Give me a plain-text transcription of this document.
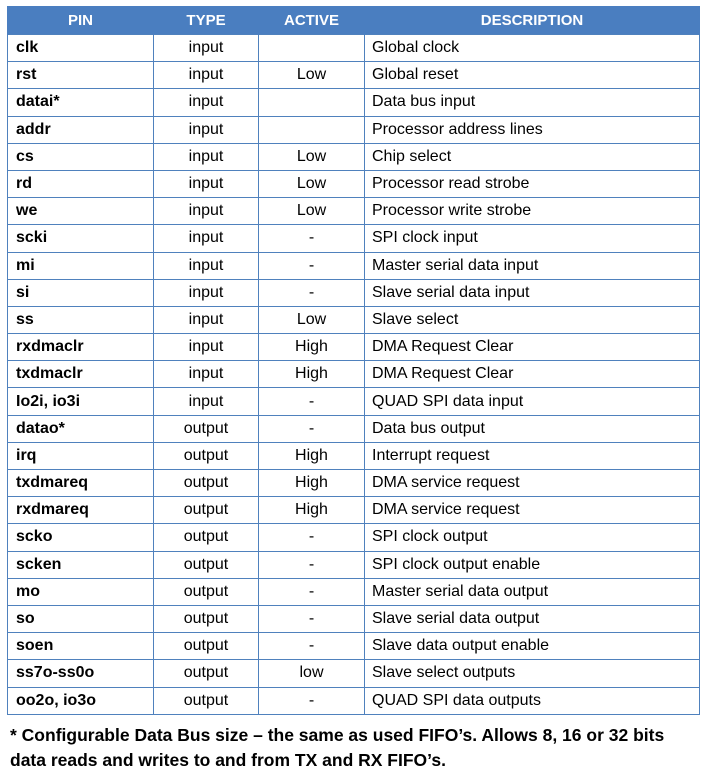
PIN	TYPE	ACTIVE	DESCRIPTION
clk	input		Global clock
rst	input	Low	Global reset
datai*	input		Data bus input
addr	input		Processor address lines
cs	input	Low	Chip select
rd	input	Low	Processor read strobe
we	input	Low	Processor write strobe
scki	input	-	SPI clock input
mi	input	-	Master serial data input
si	input	-	Slave serial data input
ss	input	Low	Slave select
rxdmaclr	input	High	DMA Request Clear
txdmaclr	input	High	DMA Request Clear
Io2i, io3i	input	-	QUAD SPI data input
datao*	output	-	Data bus output
irq	output	High	Interrupt request
txdmareq	output	High	DMA service request
rxdmareq	output	High	DMA service request
scko	output	-	SPI clock output
scken	output	-	SPI clock output enable
mo	output	-	Master serial data output
so	output	-	Slave serial data output
soen	output	-	Slave data output enable
ss7o-ss0o	output	low	Slave select outputs
oo2o, io3o	output	-	QUAD SPI data outputs
* Configurable Data Bus size – the same as used FIFO’s. Allows 8, 16 or 32 bits data reads and writes to and from TX and RX FIFO’s.
